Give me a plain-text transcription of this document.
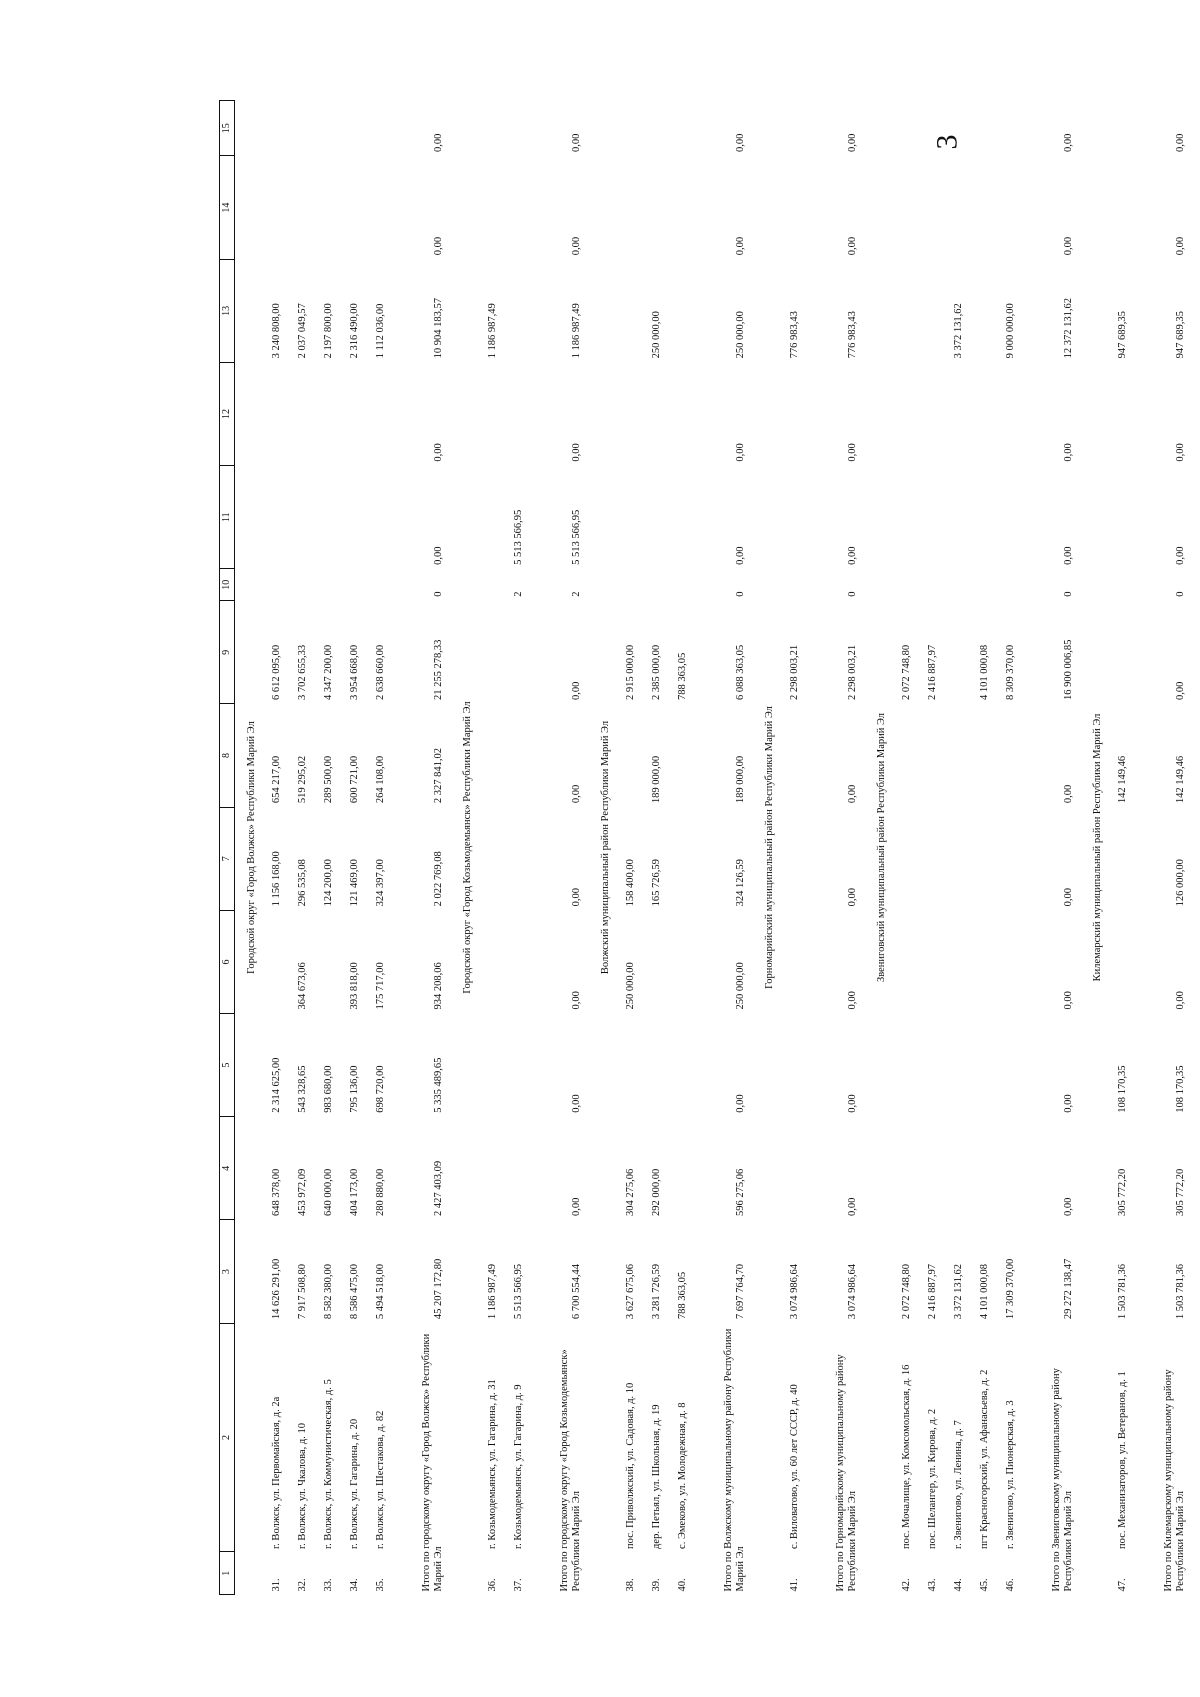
3
1	2	3	4	5	6	7	8	9	10	11	12	13	14	15
Городской округ «Город Волжск» Республики Марий Эл														
31.	г. Волжск, ул. Первомайская, д. 2а	14 626 291,00	648 378,00	2 314 625,00		1 156 168,00	654 217,00	6 612 095,00				3 240 808,00		
32.	г. Волжск, ул. Чкалова, д. 10	7 917 508,80	453 972,09	543 328,65	364 673,06	296 535,08	519 295,02	3 702 655,33				2 037 049,57		
33.	г. Волжск, ул. Коммунистическая, д. 5	8 582 380,00	640 000,00	983 680,00		124 200,00	289 500,00	4 347 200,00				2 197 800,00		
34.	г. Волжск, ул. Гагарина, д. 20	8 586 475,00	404 173,00	795 136,00	393 818,00	121 469,00	600 721,00	3 954 668,00				2 316 490,00		
35.	г. Волжск, ул. Шестакова, д. 82	5 494 518,00	280 880,00	698 720,00	175 717,00	324 397,00	264 108,00	2 638 660,00				1 112 036,00		
Итого по городскому округу «Город Волжск» Республики Марий Эл		45 207 172,80	2 427 403,09	5 335 489,65	934 208,06	2 022 769,08	2 327 841,02	21 255 278,33	0	0,00	0,00	10 904 183,57	0,00	0,00
Городской округ «Город Козьмодемьянск» Республики Марий Эл														
36.	г. Козьмодемьянск, ул. Гагарина, д. 31	1 186 987,49										1 186 987,49		
37.	г. Козьмодемьянск, ул. Гагарина, д. 9	5 513 566,95							2	5 513 566,95				
Итого по городскому округу «Город Козьмодемьянск» Республики Марий Эл		6 700 554,44	0,00	0,00	0,00	0,00	0,00	0,00	2	5 513 566,95	0,00	1 186 987,49	0,00	0,00
Волжский муниципальный район Республики Марий Эл														
38.	пос. Приволжский, ул. Садовая, д. 10	3 627 675,06	304 275,06		250 000,00	158 400,00		2 915 000,00						
39.	дер. Петьял, ул. Школьная, д. 19	3 281 726,59	292 000,00			165 726,59	189 000,00	2 385 000,00				250 000,00		
40.	с. Эмеково, ул. Молодежная, д. 8	788 363,05						788 363,05						
Итого по Волжскому муниципальному району Республики Марий Эл		7 697 764,70	596 275,06	0,00	250 000,00	324 126,59	189 000,00	6 088 363,05	0	0,00	0,00	250 000,00	0,00	0,00
Горномарийский муниципальный район Республики Марий Эл														
41.	с. Виловатово, ул. 60 лет СССР, д. 40	3 074 986,64						2 298 003,21				776 983,43		
Итого по Горномарийскому муниципальному району Республики Марий Эл		3 074 986,64	0,00	0,00	0,00	0,00	0,00	2 298 003,21	0	0,00	0,00	776 983,43	0,00	0,00
Звениговский муниципальный район Республики Марий Эл														
42.	пос. Мочалище, ул. Комсомольская, д. 16	2 072 748,80						2 072 748,80						
43.	пос. Шелангер, ул. Кирова, д. 2	2 416 887,97						2 416 887,97						
44.	г. Звенигово, ул. Ленина, д. 7	3 372 131,62										3 372 131,62		
45.	пгт Красногорский, ул. Афанасьева, д. 2	4 101 000,08						4 101 000,08						
46.	г. Звенигово, ул. Пионерская, д. 3	17 309 370,00						8 309 370,00				9 000 000,00		
Итого по Звениговскому муниципальному району Республики Марий Эл		29 272 138,47	0,00	0,00	0,00	0,00	0,00	16 900 006,85	0	0,00	0,00	12 372 131,62	0,00	0,00
Килемарский муниципальный район Республики Марий Эл														
47.	пос. Механизаторов, ул. Ветеранов, д. 1	1 503 781,36	305 772,20	108 170,35			142 149,46					947 689,35		
Итого по Килемарскому муниципальному району Республики Марий Эл		1 503 781,36	305 772,20	108 170,35	0,00	126 000,00	142 149,46	0,00	0	0,00	0,00	947 689,35	0,00	0,00
